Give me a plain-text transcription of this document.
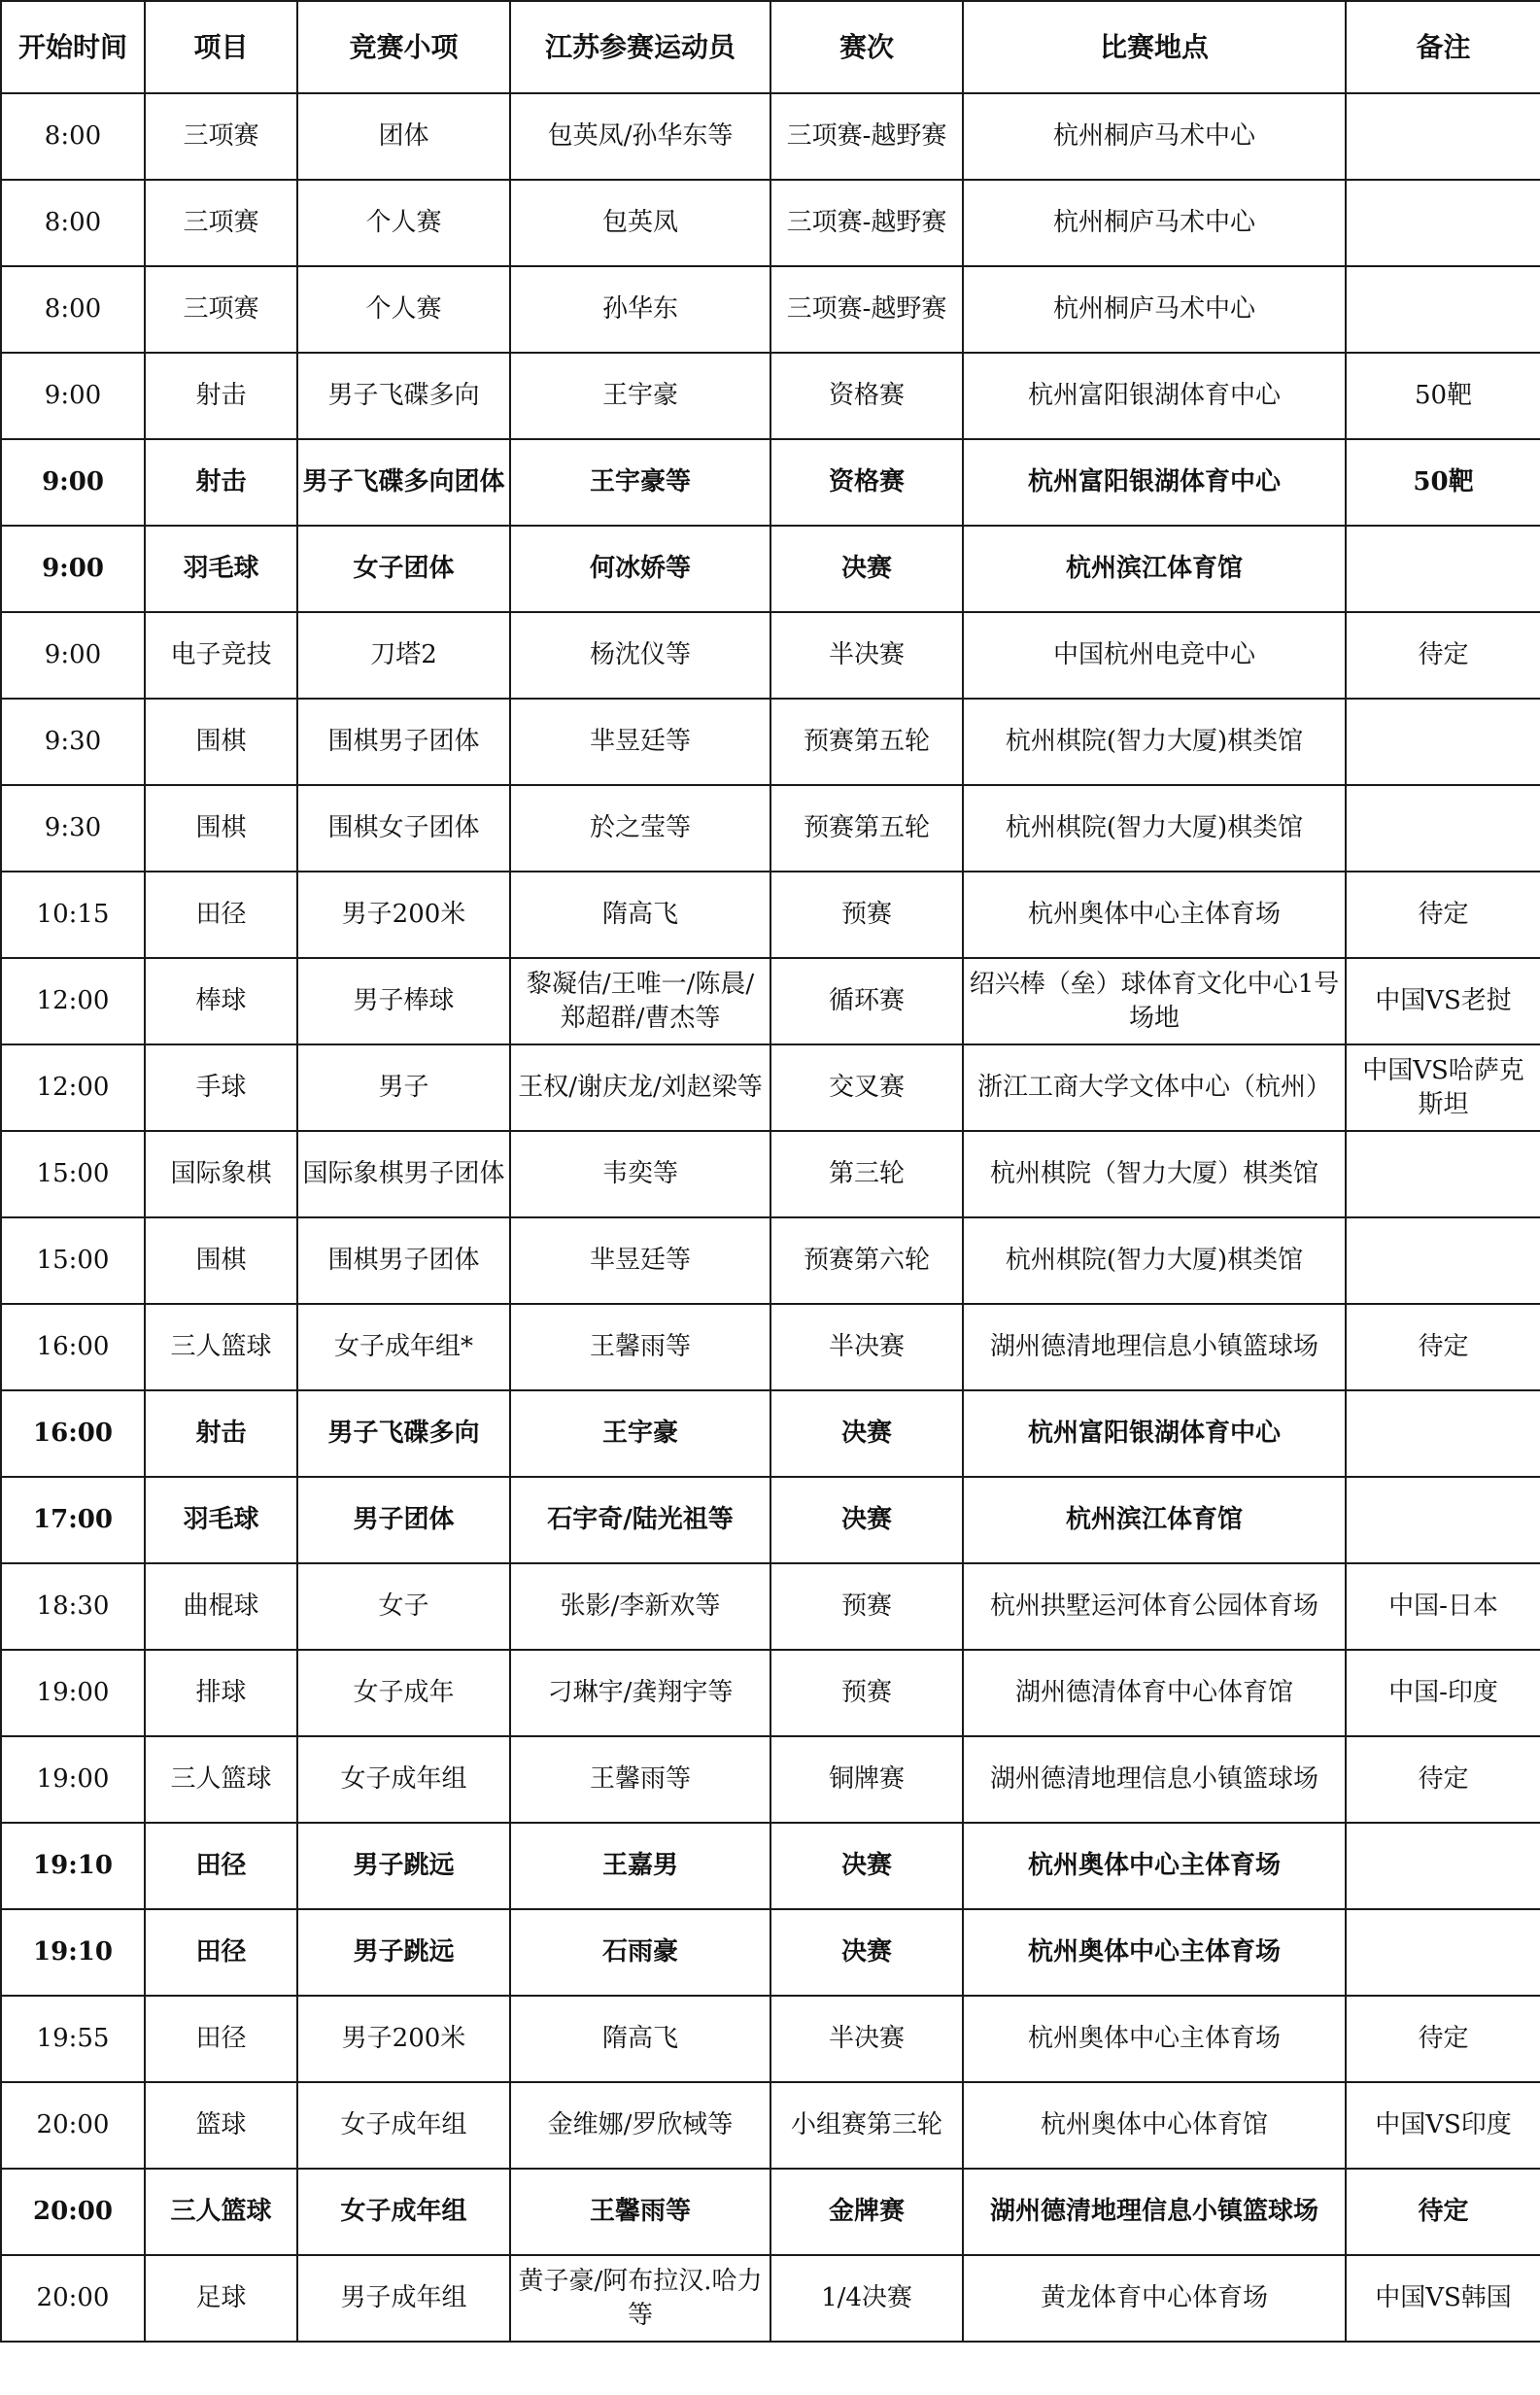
开始时间	项目	竞赛小项	江苏参赛运动员	赛次	比赛地点	备注
8:00	三项赛	团体	包英凤/孙华东等	三项赛-越野赛	杭州桐庐马术中心	
8:00	三项赛	个人赛	包英凤	三项赛-越野赛	杭州桐庐马术中心	
8:00	三项赛	个人赛	孙华东	三项赛-越野赛	杭州桐庐马术中心	
9:00	射击	男子飞碟多向	王宇豪	资格赛	杭州富阳银湖体育中心	50靶
9:00	射击	男子飞碟多向团体	王宇豪等	资格赛	杭州富阳银湖体育中心	50靶
9:00	羽毛球	女子团体	何冰娇等	决赛	杭州滨江体育馆	
9:00	电子竞技	刀塔2	杨沈仪等	半决赛	中国杭州电竞中心	待定
9:30	围棋	围棋男子团体	芈昱廷等	预赛第五轮	杭州棋院(智力大厦)棋类馆	
9:30	围棋	围棋女子团体	於之莹等	预赛第五轮	杭州棋院(智力大厦)棋类馆	
10:15	田径	男子200米	隋高飞	预赛	杭州奥体中心主体育场	待定
12:00	棒球	男子棒球	黎凝佶/王唯一/陈晨/郑超群/曹杰等	循环赛	绍兴棒（垒）球体育文化中心1号场地	中国VS老挝
12:00	手球	男子	王权/谢庆龙/刘赵梁等	交叉赛	浙江工商大学文体中心（杭州）	中国VS哈萨克斯坦
15:00	国际象棋	国际象棋男子团体	韦奕等	第三轮	杭州棋院（智力大厦）棋类馆	
15:00	围棋	围棋男子团体	芈昱廷等	预赛第六轮	杭州棋院(智力大厦)棋类馆	
16:00	三人篮球	女子成年组*	王馨雨等	半决赛	湖州德清地理信息小镇篮球场	待定
16:00	射击	男子飞碟多向	王宇豪	决赛	杭州富阳银湖体育中心	
17:00	羽毛球	男子团体	石宇奇/陆光祖等	决赛	杭州滨江体育馆	
18:30	曲棍球	女子	张影/李新欢等	预赛	杭州拱墅运河体育公园体育场	中国-日本
19:00	排球	女子成年	刁琳宇/龚翔宇等	预赛	湖州德清体育中心体育馆	中国-印度
19:00	三人篮球	女子成年组	王馨雨等	铜牌赛	湖州德清地理信息小镇篮球场	待定
19:10	田径	男子跳远	王嘉男	决赛	杭州奥体中心主体育场	
19:10	田径	男子跳远	石雨豪	决赛	杭州奥体中心主体育场	
19:55	田径	男子200米	隋高飞	半决赛	杭州奥体中心主体育场	待定
20:00	篮球	女子成年组	金维娜/罗欣棫等	小组赛第三轮	杭州奥体中心体育馆	中国VS印度
20:00	三人篮球	女子成年组	王馨雨等	金牌赛	湖州德清地理信息小镇篮球场	待定
20:00	足球	男子成年组	黄子豪/阿布拉汉.哈力等	1/4决赛	黄龙体育中心体育场	中国VS韩国
